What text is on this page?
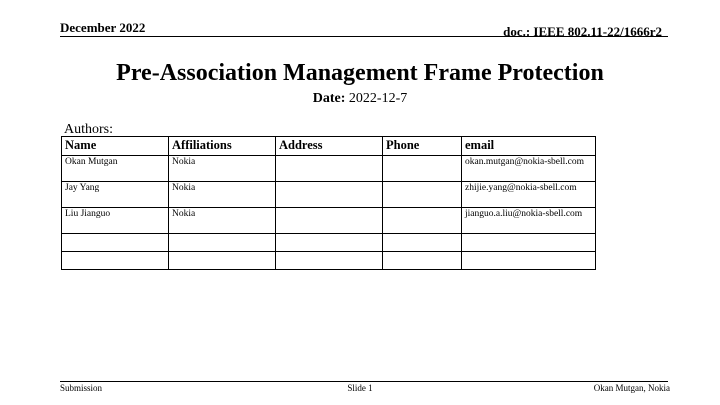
December 2022	doc.: IEEE 802.11-22/1666r2
Pre-Association Management Frame Protection
Date: 2022-12-7
Authors:
Name	Affiliations	Address	Phone	email
Okan Mutgan	Nokia			okan.mutgan@nokia-sbell.com
Jay Yang	Nokia			zhijie.yang@nokia-sbell.com
Liu Jianguo	Nokia			jianguo.a.liu@nokia-sbell.com

Submission	Slide 1	Okan Mutgan, Nokia
